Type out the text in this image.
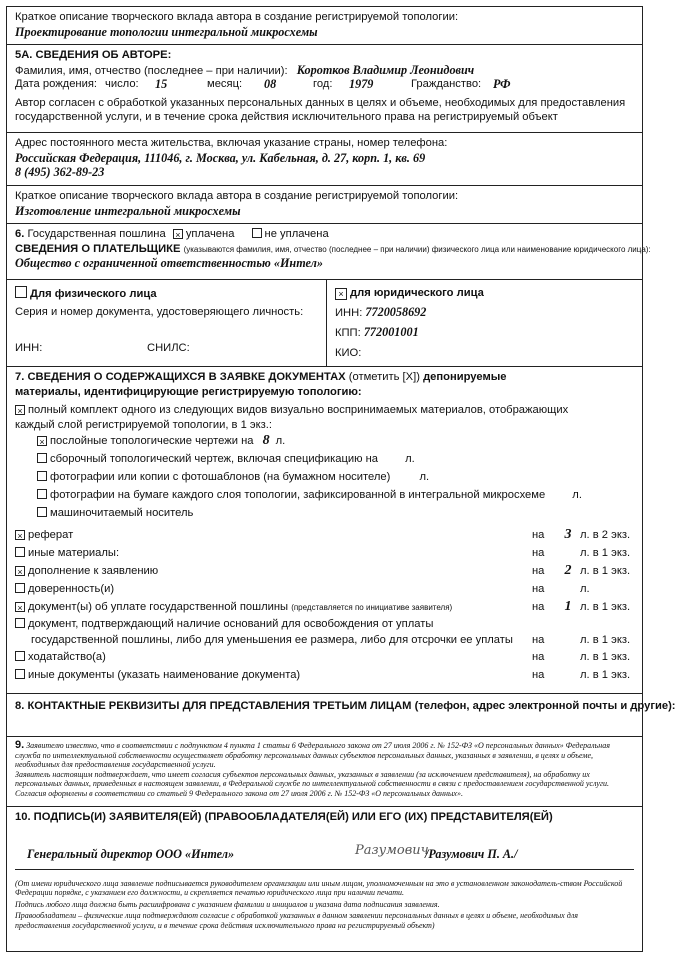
Краткое описание творческого вклада автора в создание регистрируемой топологии:
Проектирование топологии интегральной микросхемы
5А. СВЕДЕНИЯ ОБ АВТОРЕ:
Фамилия, имя, отчество (последнее – при наличии): Коротков Владимир Леонидович
Дата рождения: число: 15	месяц: 08	год: 1979	Гражданство: РФ
Автор согласен с обработкой указанных персональных данных в целях и объеме, необходимых для предоставления
государственной услуги, и в течение срока действия исключительного права на регистрируемый объект
Адрес постоянного места жительства, включая указание страны, номер телефона:
Российская Федерация, 111046, г. Москва, ул. Кабельная, д. 27, корп. 1, кв. 69
8 (495) 362-89-23
Краткое описание творческого вклада автора в создание регистрируемой топологии:
Изготовление интегральной микросхемы
6. Государственная пошлина × уплачена	не уплачена
СВЕДЕНИЯ О ПЛАТЕЛЬЩИКЕ (указываются фамилия, имя, отчество (последнее – при наличии) физического лица или наименование юридического лица):
Общество с ограниченной ответственностью «Интел»
Для физического лица
Серия и номер документа, удостоверяющего личность:
ИНН:	СНИЛС:
× для юридического лица
ИНН: 7720058692
КПП: 772001001
КИО:
7. СВЕДЕНИЯ О СОДЕРЖАЩИХСЯ В ЗАЯВКЕ ДОКУМЕНТАХ (отметить [X]) депонируемые
материалы, идентифицирующие регистрируемую топологию:
× полный комплект одного из следующих видов визуально воспринимаемых материалов, отображающих
каждый слой регистрируемой топологии, в 1 экз.:
× послойные топологические чертежи на 8 л.
сборочный топологический чертеж, включая спецификацию на л.
фотографии или копии с фотошаблонов (на бумажном носителе)	л.
фотографии на бумаге каждого слоя топологии, зафиксированной в интегральной микросхеме л.
машиночитаемый носитель
× реферат	на	3 л. в 2 экз.
иные материалы:	на	л. в 1 экз.
× дополнение к заявлению	на	2 л. в 1 экз.
доверенность(и)	на	л.
× документ(ы) об уплате государственной пошлины (представляется по инициативе заявителя)	на	1 л. в 1 экз.
документ, подтверждающий наличие оснований для освобождения от уплаты
государственной пошлины, либо для уменьшения ее размера, либо для отсрочки ее уплаты на	л. в 1 экз.
ходатайство(а)	на	л. в 1 экз.
иные документы (указать наименование документа)	на	л. в 1 экз.
8. КОНТАКТНЫЕ РЕКВИЗИТЫ ДЛЯ ПРЕДСТАВЛЕНИЯ ТРЕТЬИМ ЛИЦАМ (телефон, адрес электронной почты и другие):
9. Заявителю известно, что в соответствии с подпунктом 4 пункта 1 статьи 6 Федерального закона от 27 июля 2006 г. № 152-ФЗ «О персональных данных» Федеральная служба по интеллектуальной собственности осуществляет обработку персональных данных субъектов персональных данных, указанных в заявлении, в целях и объеме, необходимых для предоставления государственной услуги.
Заявитель настоящим подтверждает, что имеет согласия субъектов персональных данных, указанных в заявлении (за исключением представителя), на обработку их персональных данных, приведенных в настоящем заявлении, в Федеральной службе по интеллектуальной собственности в связи с предоставлением государственной услуги. Согласия оформлены в соответствии со статьей 9 Федерального закона от 27 июля 2006 г. № 152-ФЗ «О персональных данных».
10. ПОДПИСЬ(И) ЗАЯВИТЕЛЯ(ЕЙ) (ПРАВООБЛАДАТЕЛЯ(ЕЙ) ИЛИ ЕГО (ИХ) ПРЕДСТАВИТЕЛЯ(ЕЙ)
Генеральный директор ООО «Интел»	Разумович
/Разумович П. А./
(От имени юридического лица заявление подписывается руководителем организации или иным лицом, уполномоченным на это в установленном законодатель-ством Российской Федерации порядке, с указанием его должности, и скрепляется печатью юридического лица при наличии печати.
Подпись любого лица должна быть расшифрована с указанием фамилии и инициалов и указана дата подписания заявления.
Правообладатели – физические лица подтверждают согласие с обработкой указанных в данном заявлении персональных данных в целях и объеме, необходимых для предоставления государственной услуги, и в течение срока действия исключительного права на регистрируемый объект)
